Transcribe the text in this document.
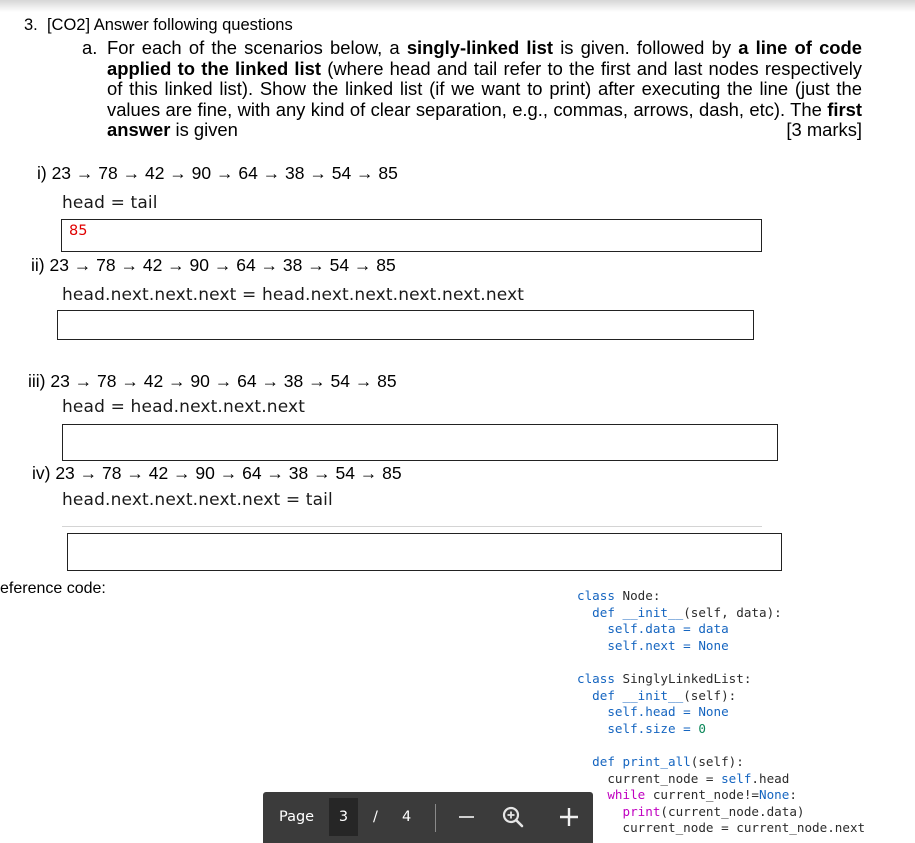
3. [CO2] Answer following questions
a. For each of the scenarios below, a singly-linked list is given. followed by a line of code applied to the linked list (where head and tail refer to the first and last nodes respectively of this linked list). Show the linked list (if we want to print) after executing the line (just the values are fine, with any kind of clear separation, e.g., commas, arrows, dash, etc). The first answer is given	[3 marks]
i) 23 → 78 → 42 → 90 → 64 → 38 → 54 → 85
head = tail
85
ii) 23 → 78 → 42 → 90 → 64 → 38 → 54 → 85
head.next.next.next = head.next.next.next.next.next
iii) 23 → 78 → 42 → 90 → 64 → 38 → 54 → 85
head = head.next.next.next
iv) 23 → 78 → 42 → 90 → 64 → 38 → 54 → 85
head.next.next.next.next = tail
eference code:	class Node:
def __init__(self, data):
self.data = data
self.next = None

class SinglyLinkedList:
def __init__(self):
self.head = None
self.size = 0

def print_all(self):
current_node = self.head
while current_node!=None:
print(current_node.data)
current_node = current_node.next
Page	3	/ 4
